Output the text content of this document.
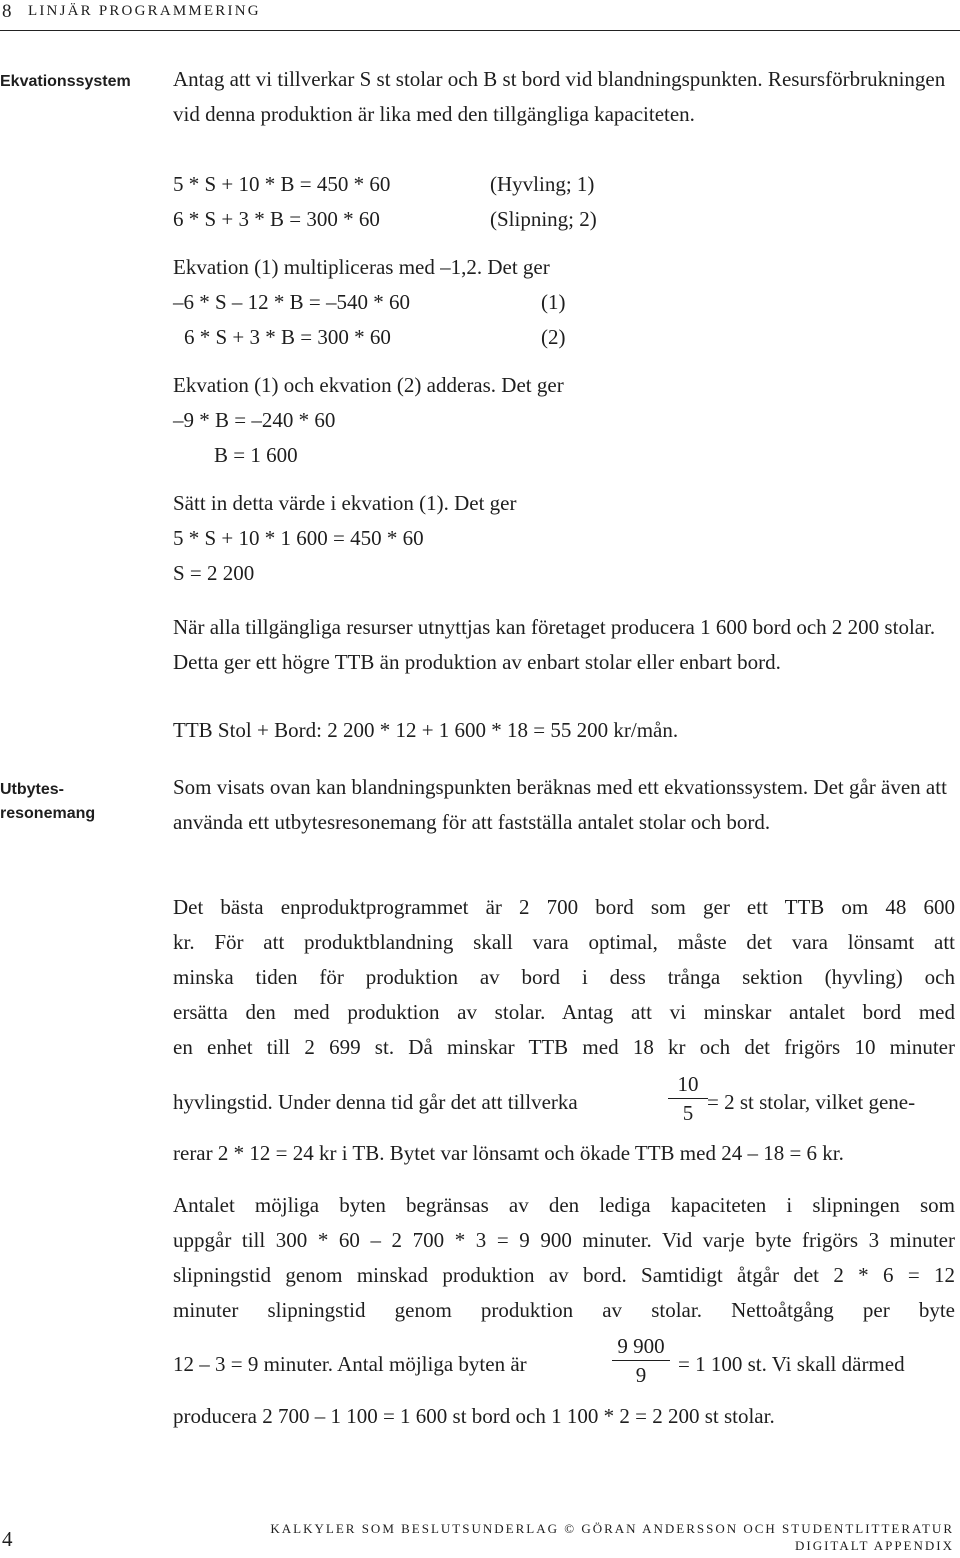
8 LINJÄR PROGRAMMERING
Ekvationssystem
Utbytes-
resonemang
Antag att vi tillverkar S st stolar och B st bord vid blandningspunkten. Resursförbrukningen vid denna produktion är lika med den tillgängliga kapaciteten.
5 * S + 10 * B = 450 * 60	(Hyvling; 1)
6 * S + 3 * B = 300 * 60	(Slipning; 2)
Ekvation (1) multipliceras med –1,2. Det ger
–6 * S – 12 * B = –540 * 60	(1)
6 * S + 3 * B = 300 * 60	(2)
Ekvation (1) och ekvation (2) adderas. Det ger
–9 * B = –240 * 60
B = 1 600
Sätt in detta värde i ekvation (1). Det ger
5 * S + 10 * 1 600 = 450 * 60
S = 2 200
När alla tillgängliga resurser utnyttjas kan företaget producera 1 600 bord och 2 200 stolar. Detta ger ett högre TTB än produktion av enbart stolar eller enbart bord.
TTB Stol + Bord: 2 200 * 12 + 1 600 * 18 = 55 200 kr/mån.
Som visats ovan kan blandningspunkten beräknas med ett ekvationssystem. Det går även att använda ett utbytesresonemang för att fastställa antalet stolar och bord.
Det bästa enproduktprogrammet är 2 700 bord som ger ett TTB om 48 600
kr. För att produktblandning skall vara optimal, måste det vara lönsamt att
minska tiden för produktion av bord i dess trånga sektion (hyvling) och
ersätta den med produktion av stolar. Antag att vi minskar antalet bord med
en enhet till 2 699 st. Då minskar TTB med 18 kr och det frigörs 10 minuter
hyvlingstid. Under denna tid går det att tillverka
10
5 = 2 st stolar, vilket gene-
rerar 2 * 12 = 24 kr i TB. Bytet var lönsamt och ökade TTB med 24 – 18 = 6 kr.
Antalet möjliga byten begränsas av den lediga kapaciteten i slipningen som
uppgår till 300 * 60 – 2 700 * 3 = 9 900 minuter. Vid varje byte frigörs 3 minuter
slipningstid genom minskad produktion av bord. Samtidigt åtgår det 2 * 6 = 12
minuter slipningstid genom produktion av stolar. Nettoåtgång per byte
12 – 3 = 9 minuter. Antal möjliga byten är
9 900
9	= 1 100 st. Vi skall därmed
producera 2 700 – 1 100 = 1 600 st bord och 1 100 * 2 = 2 200 st stolar.
4	KALKYLER SOM BESLUTSUNDERLAG © GÖRAN ANDERSSON OCH STUDENTLITTERATUR
DIGITALT APPENDIX
